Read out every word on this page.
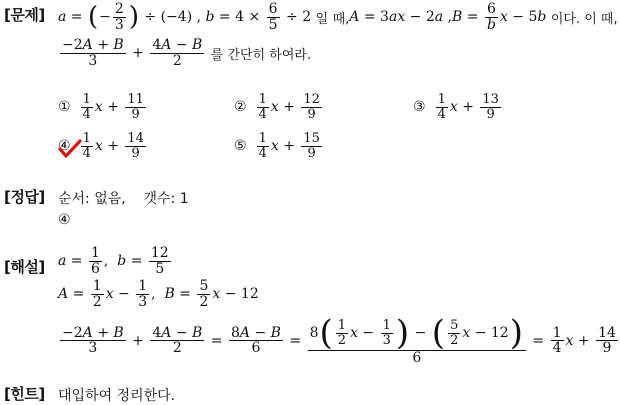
[문제] a = ( − $\frac{2}{3}$ ) ÷ (−4) , $b = 4 \times \frac{6}{5} \div 2$ 일
때, A = 3 ax − 2 a , $B = \frac{6}{b}$ x − 5 b
이다. 이 때,
$\frac{-2A + B}{3} + \frac{4A - B}{2}$
를 간단히 하여라.
① $\frac{1}{4}$ $x + \frac{11}{9}$	② $\frac{1}{4}$ $x + \frac{12}{9}$	③ $\frac{1}{4}$ $x + \frac{13}{9}$
④ $\frac{1}{4}$ $x + \frac{14}{9}$	⑤ $\frac{1}{4}$ $x + \frac{15}{9}$
[정답] 순서: 없음,
갯수: 1
④
[해설] $a = \frac{1}{6}$ , $b = \frac{12}{5}$
$A = \frac{1}{2}$ $x - \frac{1}{3}$ , $B = \frac{5}{2}$ x − 12
$\frac{-2A + B}{3} + \frac{4A - B}{2} = \frac{8A - B}{6} = \frac{8 ( \frac{1}{2} x - \frac{1}{3} ) - ( \frac{5}{2} x - 12 )}{6} = \frac{1}{4}$ $x + \frac{14}{9}$
[힌트] 대입하여 정리한다.
